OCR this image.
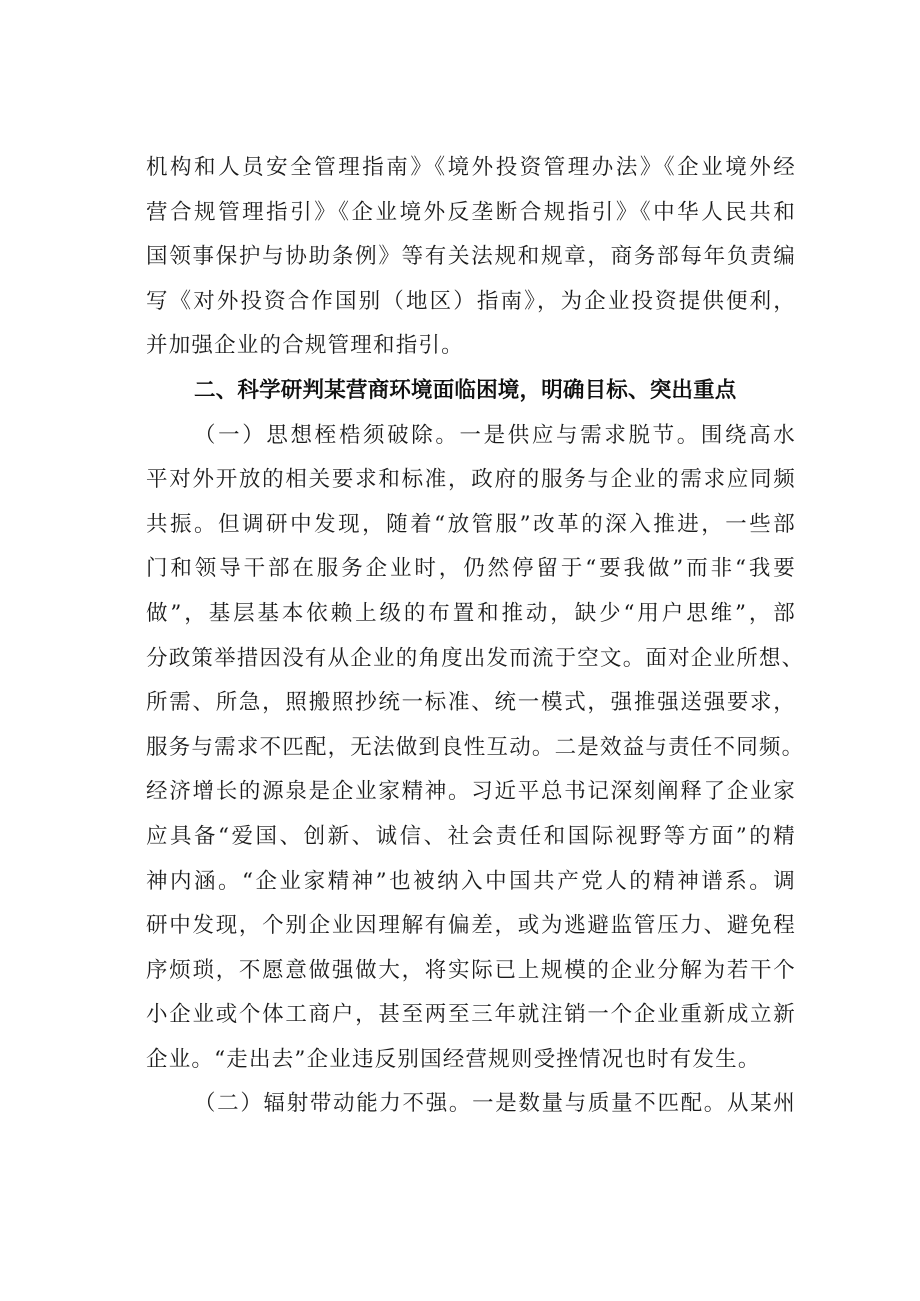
机构和人员安全管理指南》《境外投资管理办法》《企业境外经
营合规管理指引》《企业境外反垄断合规指引》《中华人民共和
国领事保护与协助条例》等有关法规和规章，商务部每年负责编
写《对外投资合作国别（地区）指南》，为企业投资提供便利，
并加强企业的合规管理和指引。
二、科学研判某营商环境面临困境，明确目标、突出重点
（一）思想桎梏须破除。一是供应与需求脱节。围绕高水
平对外开放的相关要求和标准，政府的服务与企业的需求应同频
共振。但调研中发现，随着“放管服”改革的深入推进，一些部
门和领导干部在服务企业时，仍然停留于“要我做”而非“我要
做”，基层基本依赖上级的布置和推动，缺少“用户思维”，部
分政策举措因没有从企业的角度出发而流于空文。面对企业所想、
所需、所急，照搬照抄统一标准、统一模式，强推强送强要求，
服务与需求不匹配，无法做到良性互动。二是效益与责任不同频。
经济增长的源泉是企业家精神。习近平总书记深刻阐释了企业家
应具备“爱国、创新、诚信、社会责任和国际视野等方面”的精
神内涵。“企业家精神”也被纳入中国共产党人的精神谱系。调
研中发现，个别企业因理解有偏差，或为逃避监管压力、避免程
序烦琐，不愿意做强做大，将实际已上规模的企业分解为若干个
小企业或个体工商户，甚至两至三年就注销一个企业重新成立新
企业。“走出去”企业违反别国经营规则受挫情况也时有发生。
（二）辐射带动能力不强。一是数量与质量不匹配。从某州
